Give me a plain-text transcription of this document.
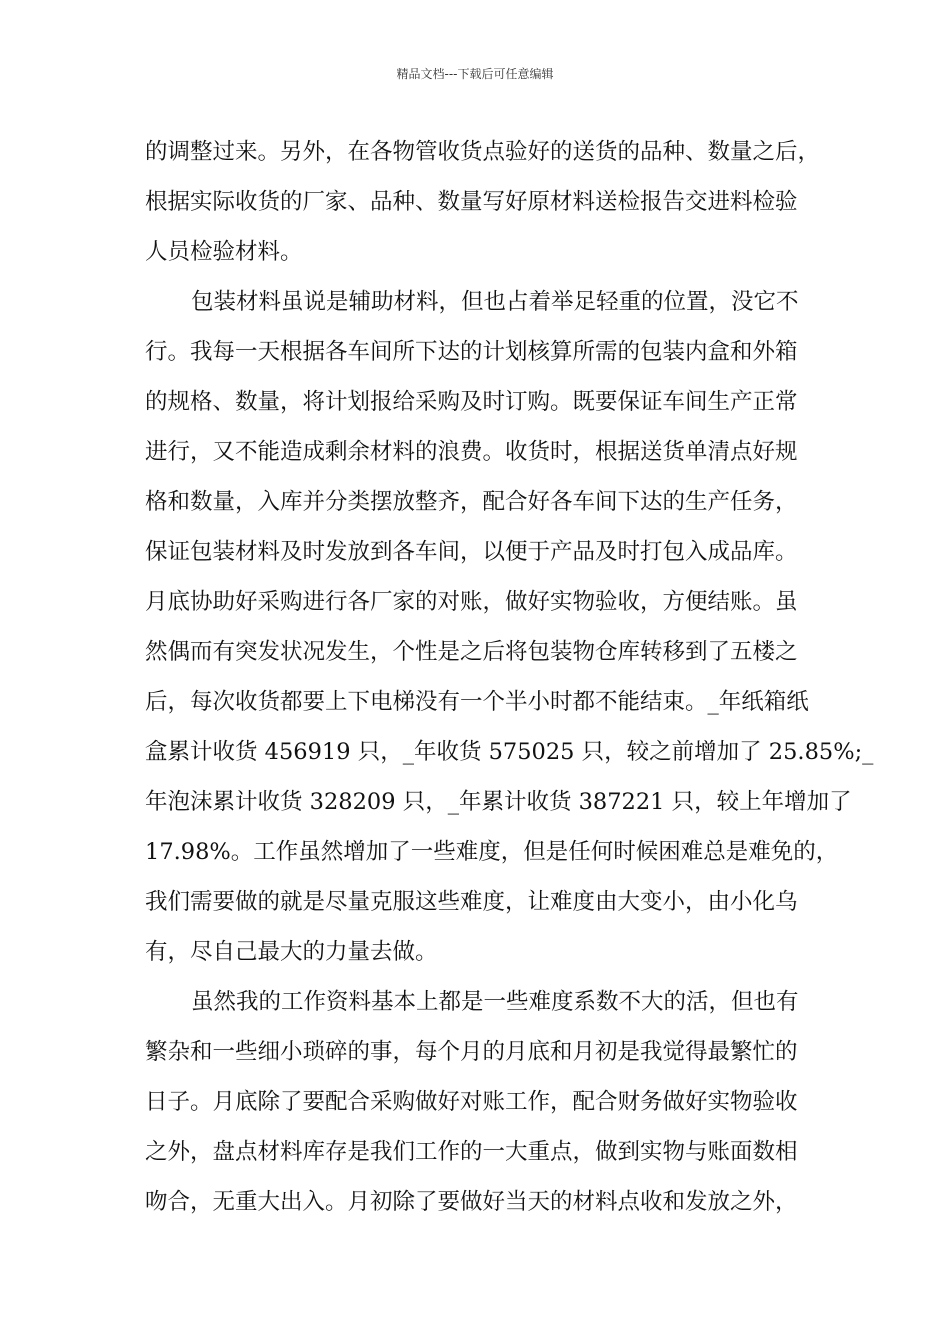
精品文档---下载后可任意编辑
的调整过来。另外，在各物管收货点验好的送货的品种、数量之后，
根据实际收货的厂家、品种、数量写好原材料送检报告交进料检验
人员检验材料。
包装材料虽说是辅助材料，但也占着举足轻重的位置，没它不
行。我每一天根据各车间所下达的计划核算所需的包装内盒和外箱
的规格、数量，将计划报给采购及时订购。既要保证车间生产正常
进行，又不能造成剩余材料的浪费。收货时，根据送货单清点好规
格和数量，入库并分类摆放整齐，配合好各车间下达的生产任务，
保证包装材料及时发放到各车间，以便于产品及时打包入成品库。
月底协助好采购进行各厂家的对账，做好实物验收，方便结账。虽
然偶而有突发状况发生，个性是之后将包装物仓库转移到了五楼之
后，每次收货都要上下电梯没有一个半小时都不能结束。_年纸箱纸
盒累计收货 456919 只，_年收货 575025 只，较之前增加了 25.85%;_
年泡沫累计收货 328209 只，_年累计收货 387221 只，较上年增加了
17.98%。工作虽然增加了一些难度，但是任何时候困难总是难免的，
我们需要做的就是尽量克服这些难度，让难度由大变小，由小化乌
有，尽自己最大的力量去做。
虽然我的工作资料基本上都是一些难度系数不大的活，但也有
繁杂和一些细小琐碎的事，每个月的月底和月初是我觉得最繁忙的
日子。月底除了要配合采购做好对账工作，配合财务做好实物验收
之外，盘点材料库存是我们工作的一大重点，做到实物与账面数相
吻合，无重大出入。月初除了要做好当天的材料点收和发放之外，
